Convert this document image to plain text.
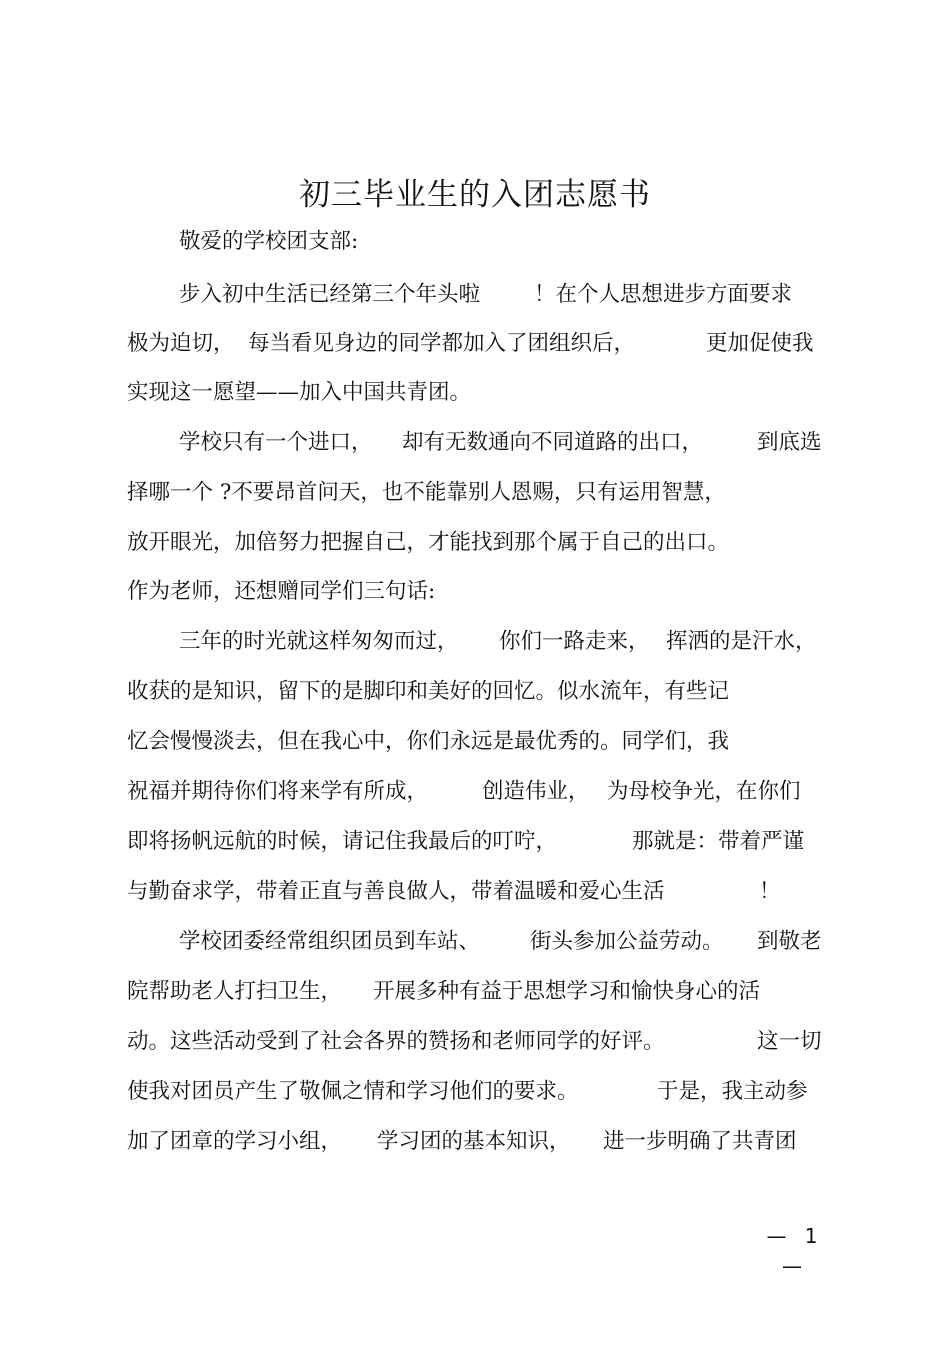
初三毕业生的入团志愿书
敬爱的学校团支部:
步入初中生活已经第三个年头啦	！在个人思想进步方面要求
极为迫切， 每当看见身边的同学都加入了团组织后，	更加促使我
实现这一愿望——加入中国共青团。
学校只有一个进口， 却有无数通向不同道路的出口，	到底选
择哪一个 ?不要昂首问天，也不能靠别人恩赐，只有运用智慧，
放开眼光，加倍努力把握自己，才能找到那个属于自己的出口。
作为老师，还想赠同学们三句话:
三年的时光就这样匆匆而过， 你们一路走来， 挥洒的是汗水，
收获的是知识，留下的是脚印和美好的回忆。似水流年，有些记
忆会慢慢淡去，但在我心中，你们永远是最优秀的。同学们，我
祝福并期待你们将来学有所成，	创造伟业， 为母校争光，在你们
即将扬帆远航的时候，请记住我最后的叮咛，	那就是：带着严谨
与勤奋求学，带着正直与善良做人，带着温暖和爱心生活	！
学校团委经常组织团员到车站、 街头参加公益劳动。 到敬老
院帮助老人打扫卫生， 开展多种有益于思想学习和愉快身心的活
动。这些活动受到了社会各界的赞扬和老师同学的好评。	这一切
使我对团员产生了敬佩之情和学习他们的要求。	于是，我主动参
加了团章的学习小组， 学习团的基本知识， 进一步明确了共青团
— 1 —
